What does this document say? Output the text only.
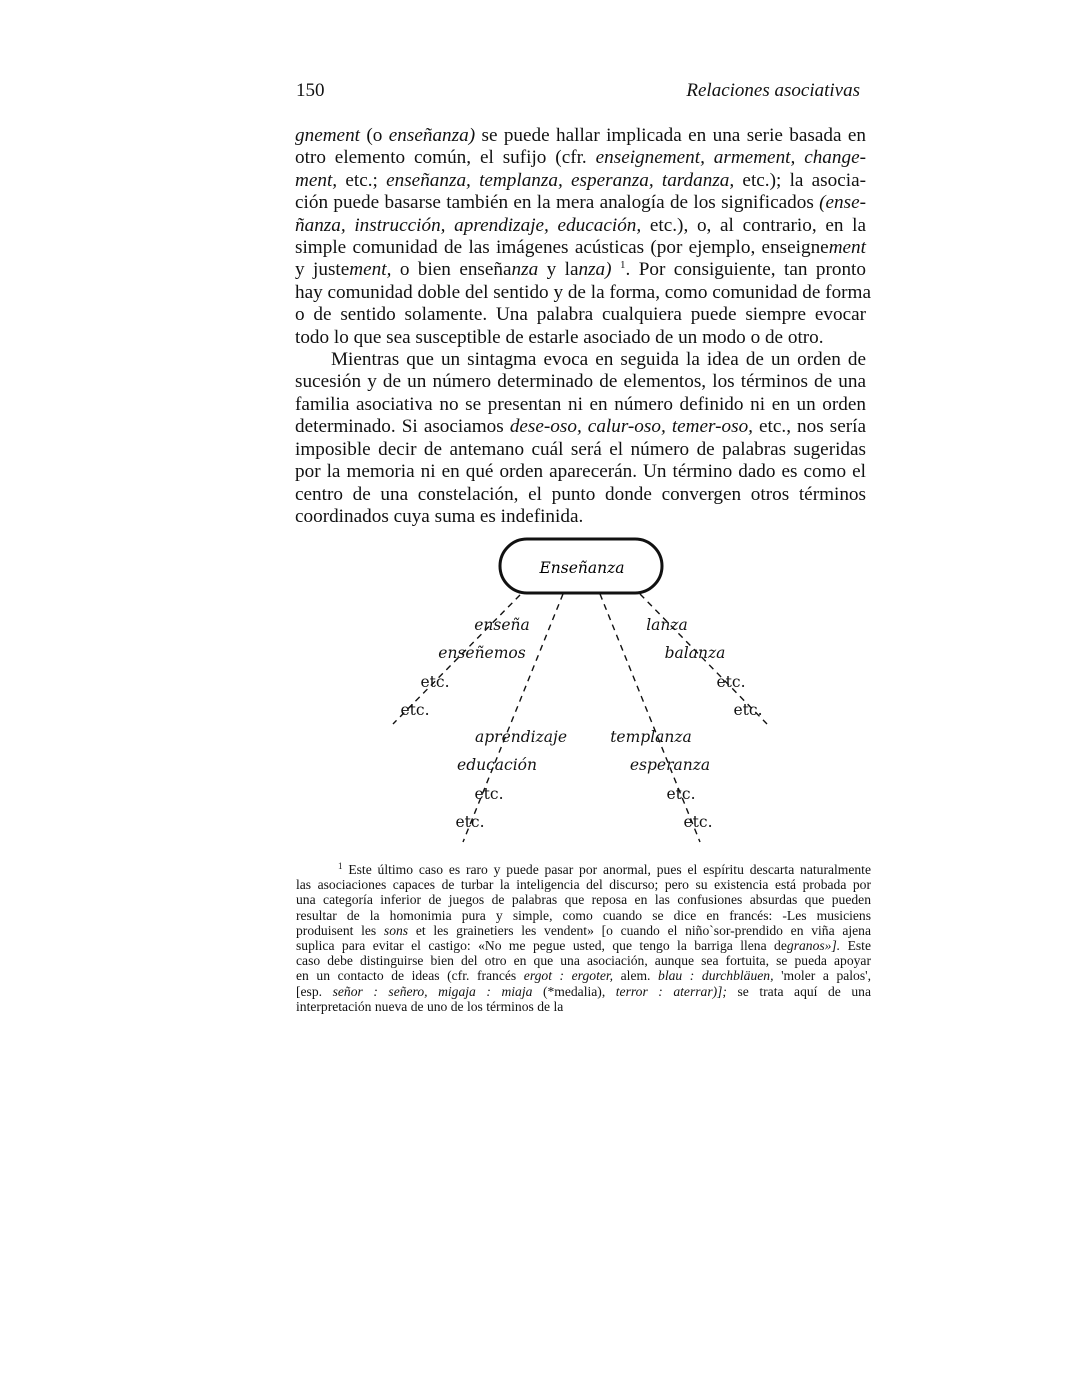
150	Relaciones asociativas
gnement (o enseñanza) se puede hallar implicada en una serie basada en
otro elemento común, el sufijo (cfr. enseignement, armement, change-
ment, etc.; enseñanza, templanza, esperanza, tardanza, etc.); la asocia-
ción puede basarse también en la mera analogía de los significados (ense-
ñanza, instrucción, aprendizaje, educación, etc.), o, al contrario, en la
simple comunidad de las imágenes acústicas (por ejemplo, enseignement
y justement, o bien enseñanza y lanza) $^1$. Por consiguiente, tan pronto
hay comunidad doble del sentido y de la forma, como comunidad de forma
o de sentido solamente. Una palabra cualquiera puede siempre evocar
todo lo que sea susceptible de estarle asociado de un modo o de otro.
Mientras que un sintagma evoca en seguida la idea de un orden de
sucesión y de un número determinado de elementos, los términos de una
familia asociativa no se presentan ni en número definido ni en un orden
determinado. Si asociamos dese-oso, calur-oso, temer-oso, etc., nos sería
imposible decir de antemano cuál será el número de palabras sugeridas
por la memoria ni en qué orden aparecerán. Un término dado es como el
centro de una constelación, el punto donde convergen otros términos
coordinados cuya suma es indefinida.
Enseñanza
enseña
enseñemos
etc.
etc.
aprendizaje
educación
etc.
etc.
templanza
esperanza
etc.
etc.
lanza
balanza
etc.
etc.
$^1$ Este último caso es raro y puede pasar por anormal, pues el espíritu descarta naturalmente
las asociaciones capaces de turbar la inteligencia del discurso; pero su existencia está probada por
una categoría inferior de juegos de palabras que reposa en las confusiones absurdas que pueden
resultar de la homonimia pura y simple, como cuando se dice en francés: -Les musiciens
produisent les sons et les grainetiers les vendent» [o cuando el niño`sor-prendido en viña ajena
suplica para evitar el castigo: «No me pegue usted, que tengo la barriga llena degranos»]. Este
caso debe distinguirse bien del otro en que una asociación, aunque sea fortuita, se pueda apoyar
en un contacto de ideas (cfr. francés ergot : ergoter, alem. blau : durchbläuen, 'moler a palos',
[esp. señor : señero, migaja : miaja (*medalia), terror : aterrar)]; se trata aquí de una
interpretación nueva de uno de los términos de la
